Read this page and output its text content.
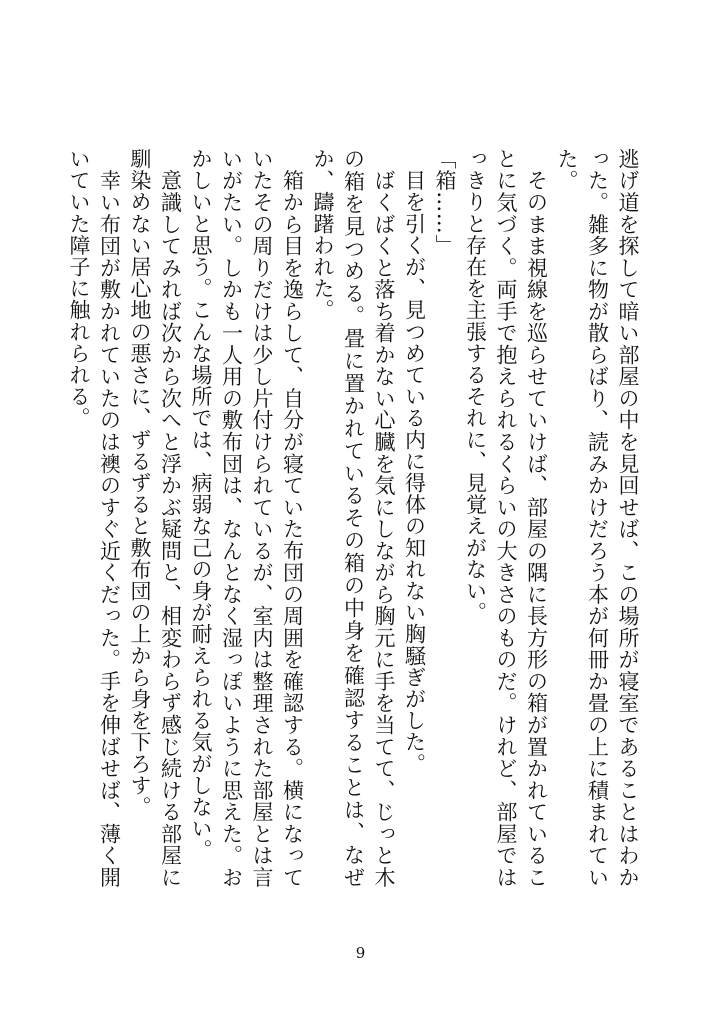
逃げ道を探して暗い部屋の中を見回せば、この場所が寝室であることはわかった。雑多に物が散らばり、読みかけだろう本が何冊か畳の上に積まれていた。

　そのまま視線を巡らせていけば、部屋の隅に長方形の箱が置かれていることに気づく。両手で抱えられるくらいの大きさのものだ。けれど、部屋ではっきりと存在を主張するそれに、見覚えがない。

「箱……」

　目を引くが、見つめている内に得体の知れない胸騒ぎがした。

　ばくばくと落ち着かない心臓を気にしながら胸元に手を当てて、じっと木の箱を見つめる。畳に置かれているその箱の中身を確認することは、なぜか、躊躇われた。

　箱から目を逸らして、自分が寝ていた布団の周囲を確認する。横になっていたその周りだけは少し片付けられているが、室内は整理された部屋とは言いがたい。しかも一人用の敷布団は、なんとなく湿っぽいように思えた。おかしいと思う。こんな場所では、病弱な己の身が耐えられる気がしない。

　意識してみれば次から次へと浮かぶ疑問と、相変わらず感じ続ける部屋に馴染めない居心地の悪さに、ずるずると敷布団の上から身を下ろす。

　幸い布団が敷かれていたのは襖のすぐ近くだった。手を伸ばせば、薄く開いていた障子に触れられる。

9
